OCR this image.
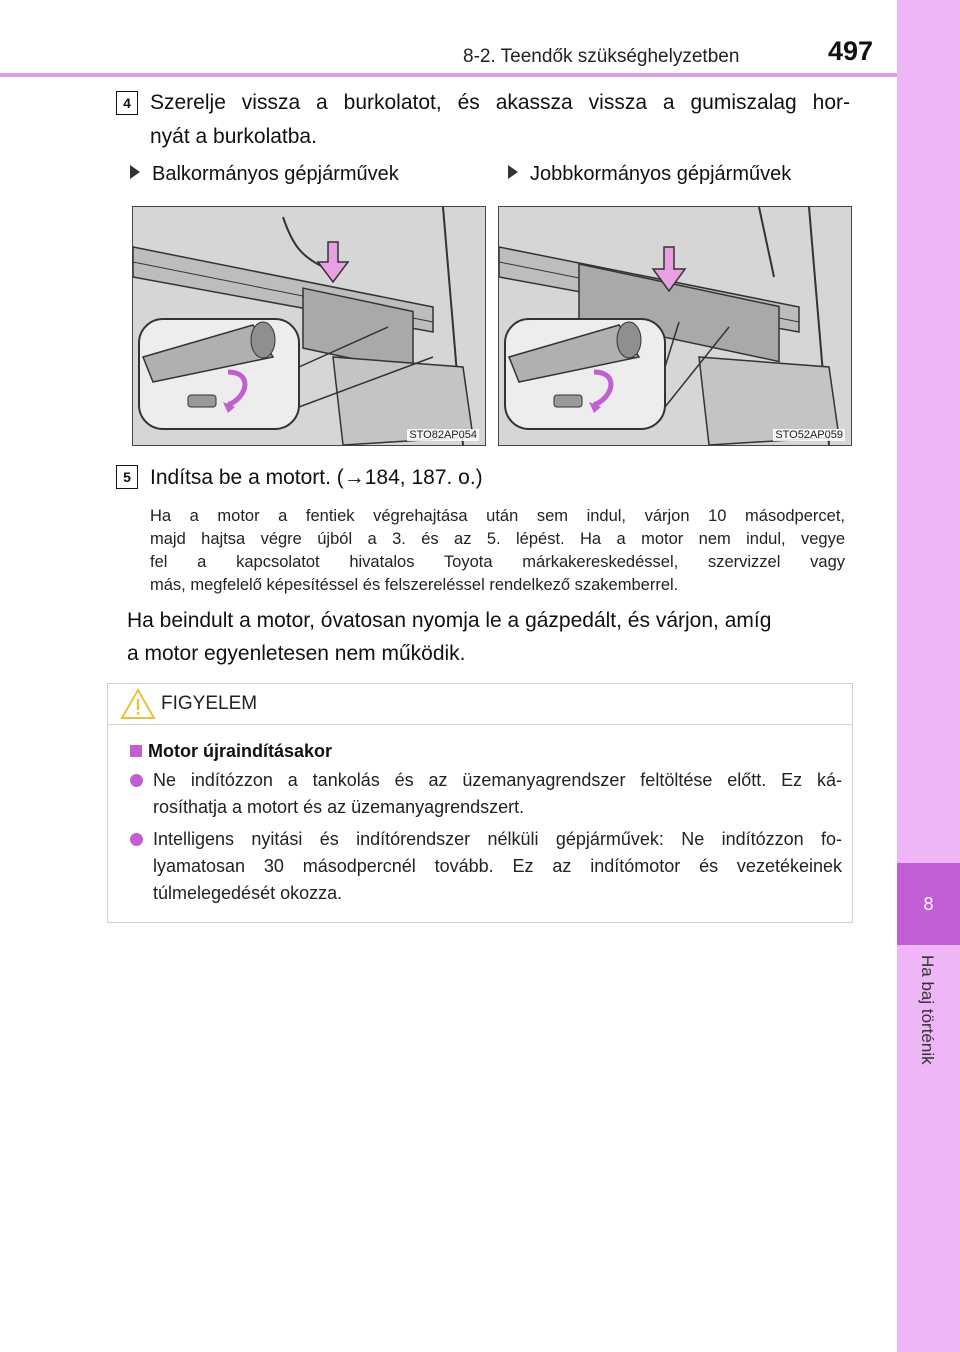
8-2. Teendők szükséghelyzetben	497
8
Ha baj történik
4 Szerelje vissza a burkolatot, és akassza vissza a gumiszalag hor-
nyát a burkolatba.
Balkormányos gépjárművek	Jobbkormányos gépjárművek
STO82AP054	STO52AP059
5 Indítsa be a motort. (→184, 187. o.)
Ha a motor a fentiek végrehajtása után sem indul, várjon 10 másodpercet,
majd hajtsa végre újból a 3. és az 5. lépést. Ha a motor nem indul, vegye
fel a kapcsolatot hivatalos Toyota márkakereskedéssel, szervizzel vagy
más, megfelelő képesítéssel és felszereléssel rendelkező szakemberrel.
Ha beindult a motor, óvatosan nyomja le a gázpedált, és várjon, amíg
a motor egyenletesen nem működik.
FIGYELEM
Motor újraindításakor
Ne indítózzon a tankolás és az üzemanyagrendszer feltöltése előtt. Ez ká-
rosíthatja a motort és az üzemanyagrendszert.
Intelligens nyitási és indítórendszer nélküli gépjárművek: Ne indítózzon fo-
lyamatosan 30 másodpercnél tovább. Ez az indítómotor és vezetékeinek
túlmelegedését okozza.
